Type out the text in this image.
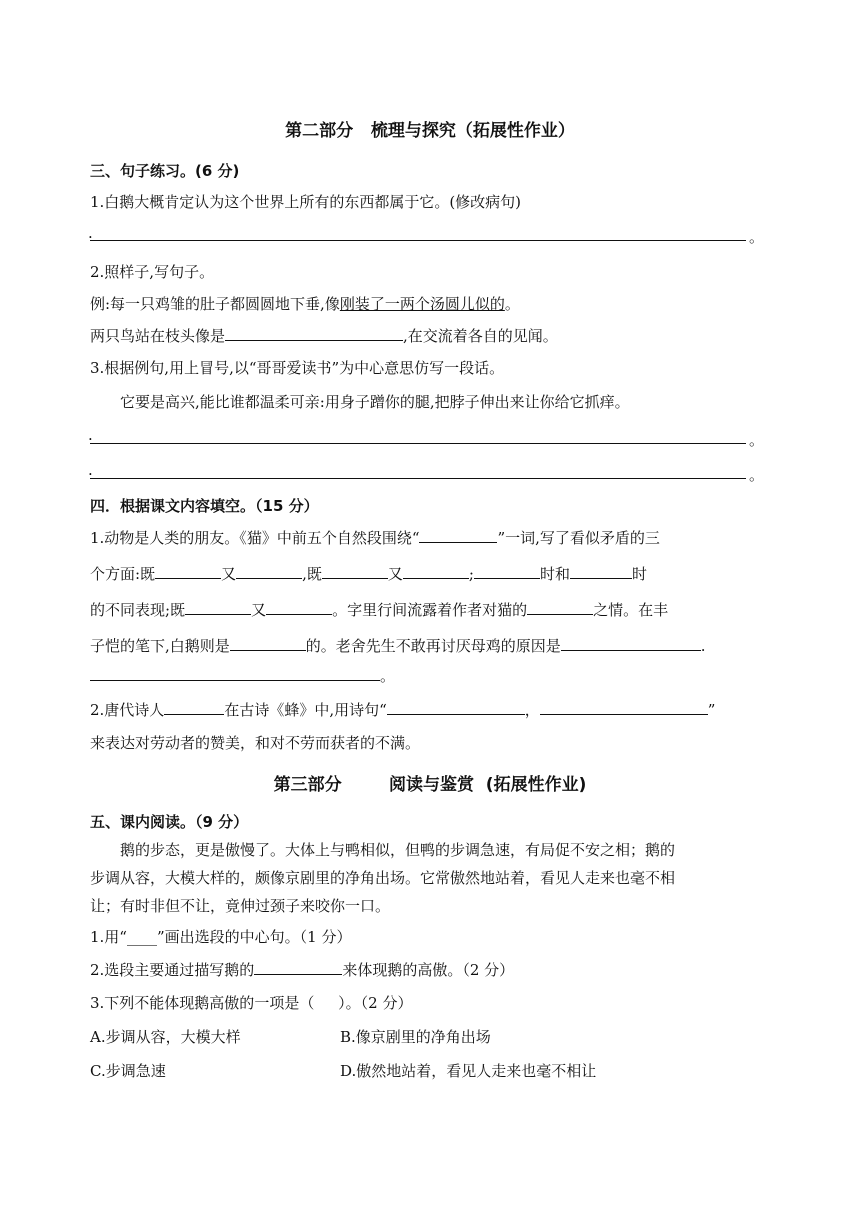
第二部分   梳理与探究（拓展性作业）
三、句子练习。(6 分)
1.白鹅大概肯定认为这个世界上所有的东西都属于它。(修改病句)
.	。
2.照样子,写句子。
例:每一只鸡雏的肚子都圆圆地下垂,像刚装了一两个汤圆儿似的。
两只鸟站在枝头像是	,在交流着各自的见闻。
3.根据例句,用上冒号,以“哥哥爱读书”为中心意思仿写一段话。
它要是高兴,能比谁都温柔可亲:用身子蹭你的腿,把脖子伸出来让你给它抓痒。
.	。
.	。
四．根据课文内容填空。（15 分）
1.动物是人类的朋友。《猫》中前五个自然段围绕“	”一词,写了看似矛盾的三
个方面:既	又	,既	又	;	时和	时
的不同表现;既	又	。字里行间流露着作者对猫的	之情。在丰
子恺的笔下,白鹅则是	的。老舍先生不敢再讨厌母鸡的原因是	.
。
2.唐代诗人	在古诗《蜂》中,用诗句“	，	”
来表达对劳动者的赞美，和对不劳而获者的不满。
第三部分        阅读与鉴赏  (拓展性作业)
五、课内阅读。（9 分）
鹅的步态，更是傲慢了。大体上与鸭相似，但鸭的步调急速，有局促不安之相；鹅的
步调从容，大模大样的，颇像京剧里的净角出场。它常傲然地站着，看见人走来也毫不相
让；有时非但不让，竟伸过颈子来咬你一口。
1.用“____”画出选段的中心句。（1 分）
2.选段主要通过描写鹅的	来体现鹅的高傲。（2 分）
3.下列不能体现鹅高傲的一项是（     ）。（2 分）
A.步调从容，大模大样	B.像京剧里的净角出场
C.步调急速	D.傲然地站着，看见人走来也毫不相让
